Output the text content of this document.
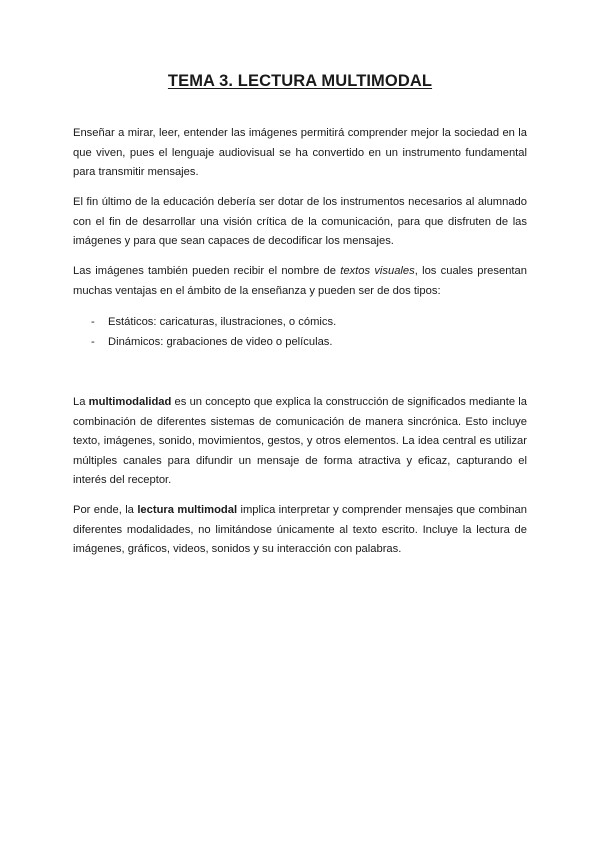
TEMA 3. LECTURA MULTIMODAL

Enseñar a mirar, leer, entender las imágenes permitirá comprender mejor la sociedad en la que viven, pues el lenguaje audiovisual se ha convertido en un instrumento fundamental para transmitir mensajes.

El fin último de la educación debería ser dotar de los instrumentos necesarios al alumnado con el fin de desarrollar una visión crítica de la comunicación, para que disfruten de las imágenes y para que sean capaces de decodificar los mensajes.

Las imágenes también pueden recibir el nombre de textos visuales, los cuales presentan muchas ventajas en el ámbito de la enseñanza y pueden ser de dos tipos:

- Estáticos: caricaturas, ilustraciones, o cómics.
- Dinámicos: grabaciones de video o películas.

La multimodalidad es un concepto que explica la construcción de significados mediante la combinación de diferentes sistemas de comunicación de manera sincrónica. Esto incluye texto, imágenes, sonido, movimientos, gestos, y otros elementos. La idea central es utilizar múltiples canales para difundir un mensaje de forma atractiva y eficaz, capturando el interés del receptor.

Por ende, la lectura multimodal implica interpretar y comprender mensajes que combinan diferentes modalidades, no limitándose únicamente al texto escrito. Incluye la lectura de imágenes, gráficos, videos, sonidos y su interacción con palabras.
